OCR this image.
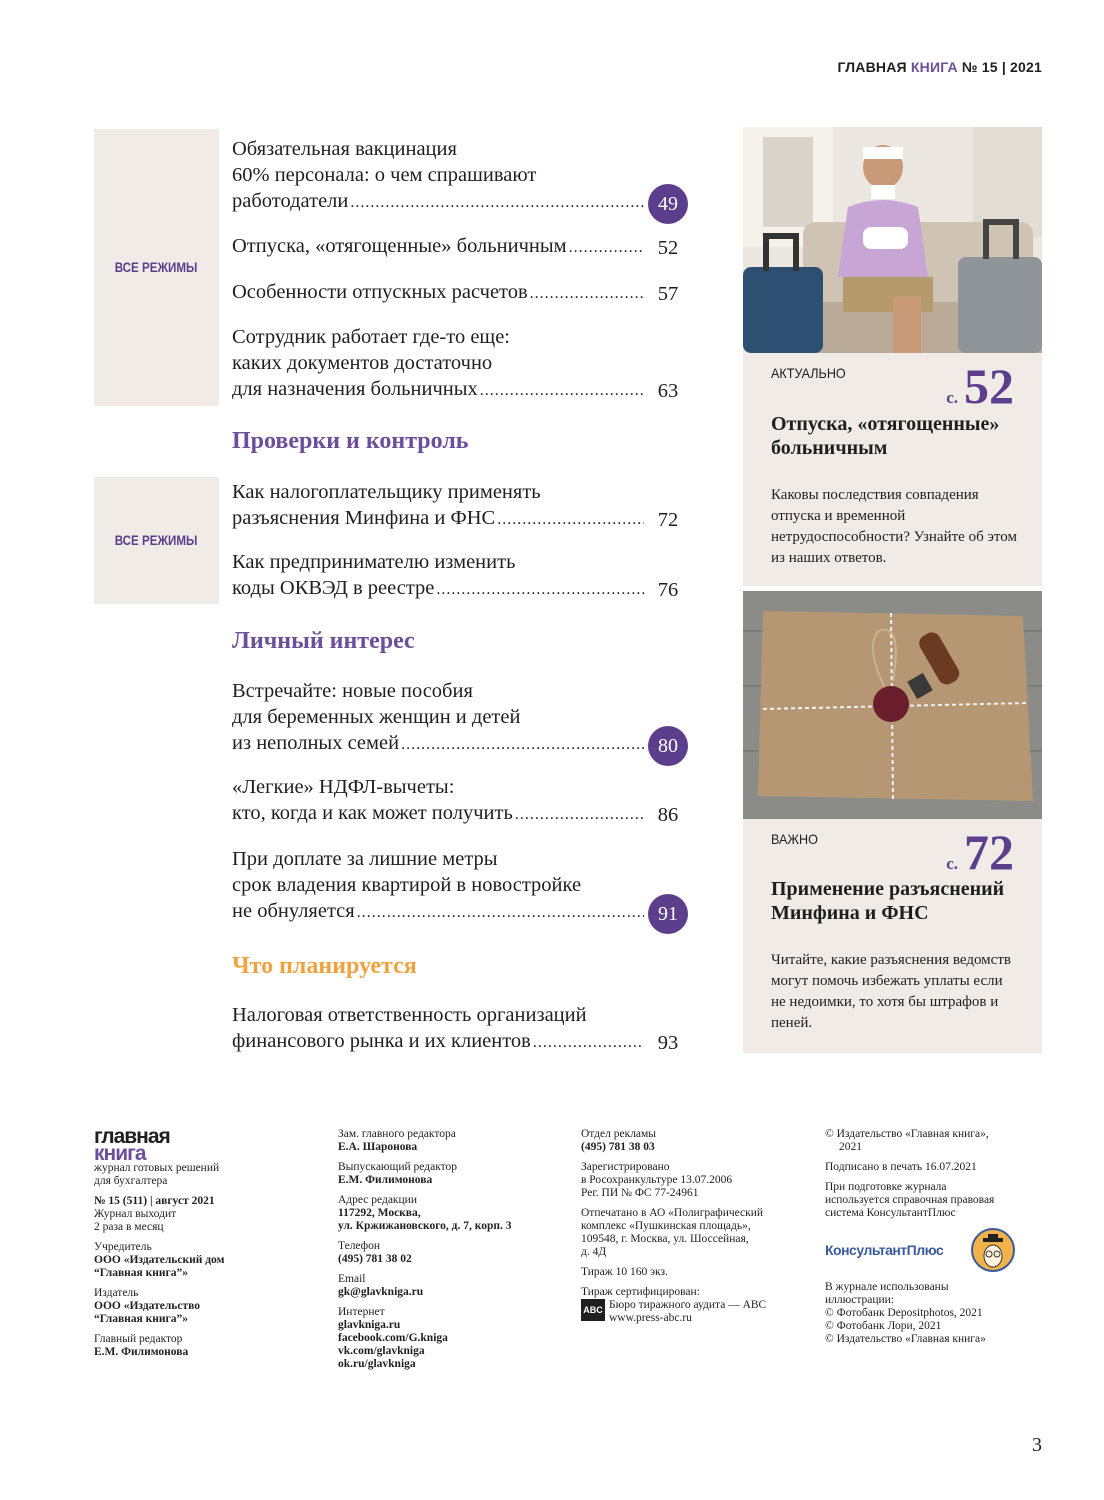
ГЛАВНАЯ КНИГА № 15 | 2021
ВСЕ РЕЖИМЫ
ВСЕ РЕЖИМЫ
Обязательная вакцинация
60% персонала: о чем спрашивают
работодатели .....	49
Отпуска, «отягощенные» больничным .....	52
Особенности отпускных расчетов .....	57
Сотрудник работает где-то еще:
каких документов достаточно
для назначения больничных .....	63
Проверки и контроль
Как налогоплательщику применять
разъяснения Минфина и ФНС .....	72
Как предпринимателю изменить
коды ОКВЭД в реестре .....	76
Личный интерес
Встречайте: новые пособия
для беременных женщин и детей
из неполных семей .....	80
«Легкие» НДФЛ-вычеты:
кто, когда и как может получить .....	86
При доплате за лишние метры
срок владения квартирой в новостройке
не обнуляется .....	91
Что планируется
Налоговая ответственность организаций
финансового рынка и их клиентов .....	93
АКТУАЛЬНО
с. 52
Отпуска, «отягощенные» больничным
Каковы последствия совпадения отпуска и временной нетрудоспособности? Узнайте об этом из наших ответов.
ВАЖНО
с. 72
Применение разъяснений Минфина и ФНС
Читайте, какие разъяснения ведомств могут помочь избежать уплаты если не недоимки, то хотя бы штрафов и пеней.
главная
книга
журнал готовых решений
для бухгалтера
№ 15 (511) | август 2021
Журнал выходит
2 раза в месяц
Учредитель
ООО «Издательский дом
“Главная книга”»
Издатель
ООО «Издательство
“Главная книга”»
Главный редактор
Е.М. Филимонова
Зам. главного редактора
Е.А. Шаронова
Выпускающий редактор
Е.М. Филимонова
Адрес редакции
117292, Москва,
ул. Кржижановского, д. 7, корп. 3
Телефон
(495) 781 38 02
Email
gk@glavkniga.ru
Интернет
glavkniga.ru
facebook.com/G.kniga
vk.com/glavkniga
ok.ru/glavkniga
Отдел рекламы
(495) 781 38 03
Зарегистрировано
в Росохранкультуре 13.07.2006
Рег. ПИ № ФС 77-24961
Отпечатано в АО «Полиграфический
комплекс «Пушкинская площадь»,
109548, г. Москва, ул. Шоссейная,
д. 4Д
Тираж 10 160 экз.
Тираж сертифицирован:
ABC Бюро тиражного аудита — ABC
www.press-abc.ru
© Издательство «Главная книга»,
2021
Подписано в печать 16.07.2021
При подготовке журнала
используется справочная правовая
система КонсультантПлюс
КонсультантПлюс
В журнале использованы
иллюстрации:
© Фотобанк Depositphotos, 2021
© Фотобанк Лори, 2021
© Издательство «Главная книга»
3
